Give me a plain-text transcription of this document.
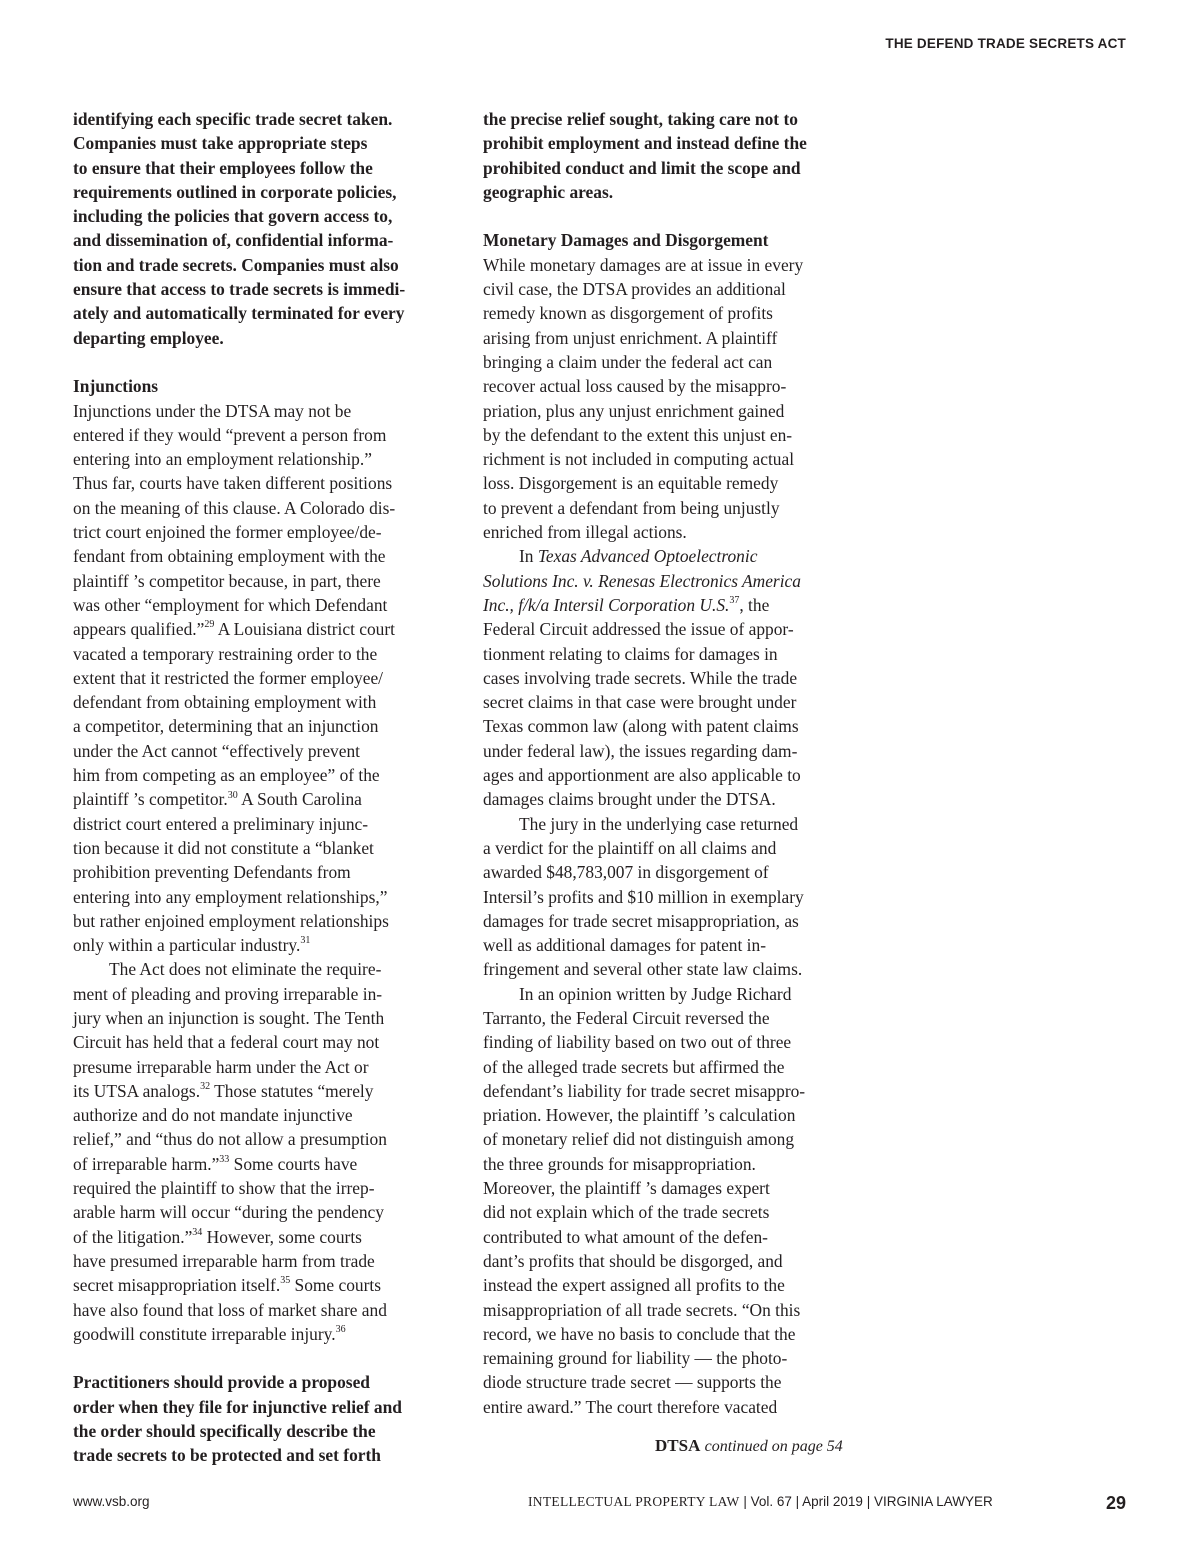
THE DEFEND TRADE SECRETS ACT
identifying each specific trade secret taken.
Companies must take appropriate steps
to ensure that their employees follow the
requirements outlined in corporate policies,
including the policies that govern access to,
and dissemination of, confidential informa-
tion and trade secrets. Companies must also
ensure that access to trade secrets is immedi-
ately and automatically terminated for every
departing employee.
Injunctions
Injunctions under the DTSA may not be
entered if they would “prevent a person from
entering into an employment relationship.”
Thus far, courts have taken different positions
on the meaning of this clause. A Colorado dis-
trict court enjoined the former employee/de-
fendant from obtaining employment with the
plaintiff ’s competitor because, in part, there
was other “employment for which Defendant
appears qualified.”$^{29}$ A Louisiana district court
vacated a temporary restraining order to the
extent that it restricted the former employee/
defendant from obtaining employment with
a competitor, determining that an injunction
under the Act cannot “effectively prevent
him from competing as an employee” of the
plaintiff ’s competitor.$^{30}$ A South Carolina
district court entered a preliminary injunc-
tion because it did not constitute a “blanket
prohibition preventing Defendants from
entering into any employment relationships,”
but rather enjoined employment relationships
only within a particular industry.$^{31}$
The Act does not eliminate the require-
ment of pleading and proving irreparable in-
jury when an injunction is sought. The Tenth
Circuit has held that a federal court may not
presume irreparable harm under the Act or
its UTSA analogs.$^{32}$ Those statutes “merely
authorize and do not mandate injunctive
relief,” and “thus do not allow a presumption
of irreparable harm.”$^{33}$ Some courts have
required the plaintiff to show that the irrep-
arable harm will occur “during the pendency
of the litigation.”$^{34}$ However, some courts
have presumed irreparable harm from trade
secret misappropriation itself.$^{35}$ Some courts
have also found that loss of market share and
goodwill constitute irreparable injury.$^{36}$
Practitioners should provide a proposed
order when they file for injunctive relief and
the order should specifically describe the
trade secrets to be protected and set forth
the precise relief sought, taking care not to
prohibit employment and instead define the
prohibited conduct and limit the scope and
geographic areas.
Monetary Damages and Disgorgement
While monetary damages are at issue in every
civil case, the DTSA provides an additional
remedy known as disgorgement of profits
arising from unjust enrichment. A plaintiff
bringing a claim under the federal act can
recover actual loss caused by the misappro-
priation, plus any unjust enrichment gained
by the defendant to the extent this unjust en-
richment is not included in computing actual
loss. Disgorgement is an equitable remedy
to prevent a defendant from being unjustly
enriched from illegal actions.
In Texas Advanced Optoelectronic
Solutions Inc. v. Renesas Electronics America
Inc., f/k/a Intersil Corporation U.S.$^{37}$, the
Federal Circuit addressed the issue of appor-
tionment relating to claims for damages in
cases involving trade secrets. While the trade
secret claims in that case were brought under
Texas common law (along with patent claims
under federal law), the issues regarding dam-
ages and apportionment are also applicable to
damages claims brought under the DTSA.
The jury in the underlying case returned
a verdict for the plaintiff on all claims and
awarded $48,783,007 in disgorgement of
Intersil’s profits and $10 million in exemplary
damages for trade secret misappropriation, as
well as additional damages for patent in-
fringement and several other state law claims.
In an opinion written by Judge Richard
Tarranto, the Federal Circuit reversed the
finding of liability based on two out of three
of the alleged trade secrets but affirmed the
defendant’s liability for trade secret misappro-
priation. However, the plaintiff ’s calculation
of monetary relief did not distinguish among
the three grounds for misappropriation.
Moreover, the plaintiff ’s damages expert
did not explain which of the trade secrets
contributed to what amount of the defen-
dant’s profits that should be disgorged, and
instead the expert assigned all profits to the
misappropriation of all trade secrets. “On this
record, we have no basis to conclude that the
remaining ground for liability — the photo-
diode structure trade secret — supports the
entire award.” The court therefore vacated
DTSA continued on page 54
www.vsb.org	INTELLECTUAL PROPERTY LAW | Vol. 67 | April 2019 | VIRGINIA LAWYER	29
